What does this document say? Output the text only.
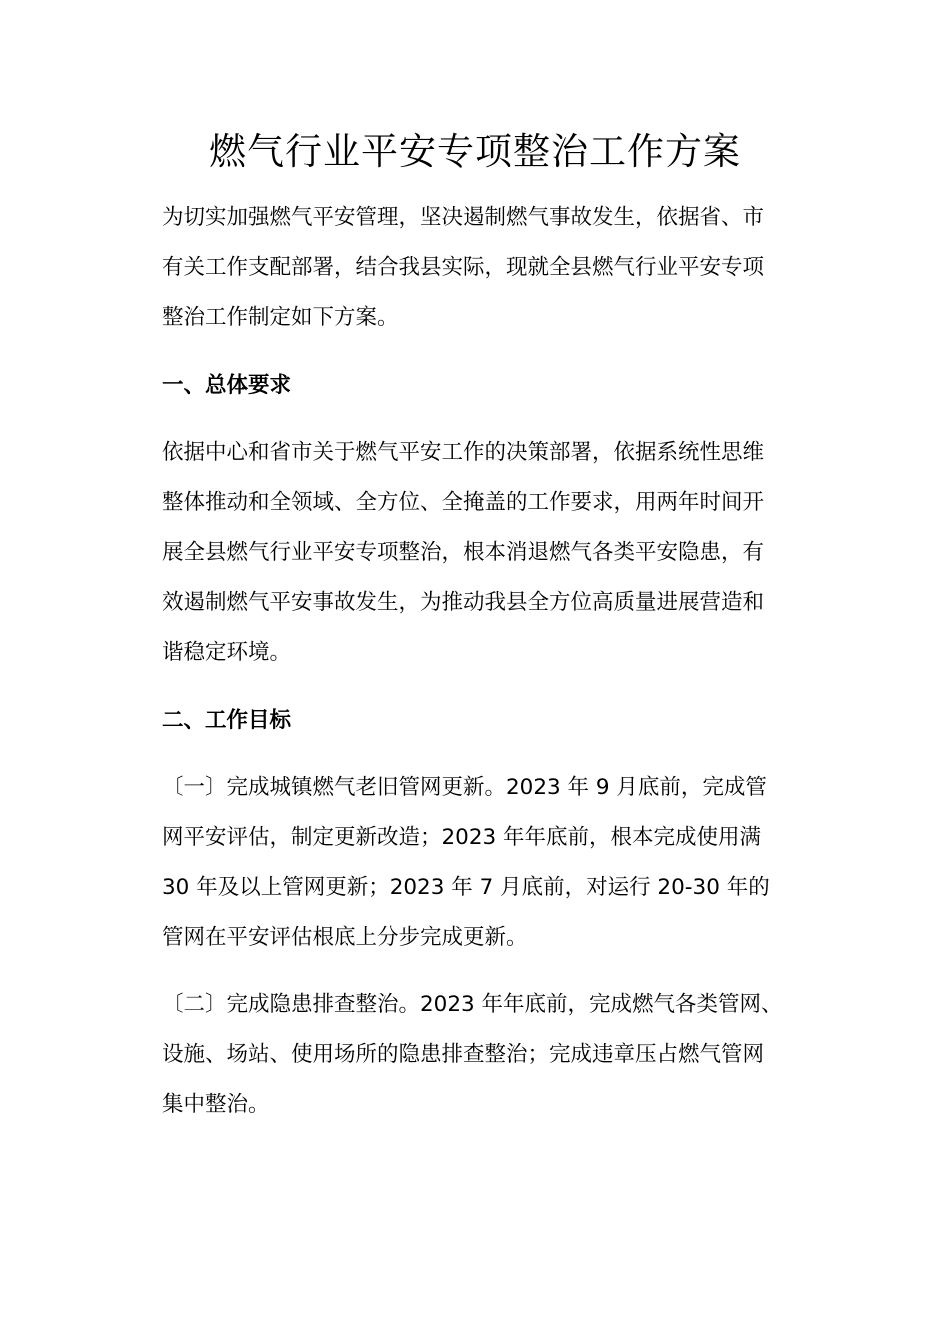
燃气行业平安专项整治工作方案

为切实加强燃气平安管理，坚决遏制燃气事故发生，依据省、市
有关工作支配部署，结合我县实际，现就全县燃气行业平安专项
整治工作制定如下方案。

一、总体要求

依据中心和省市关于燃气平安工作的决策部署，依据系统性思维
整体推动和全领域、全方位、全掩盖的工作要求，用两年时间开
展全县燃气行业平安专项整治，根本消退燃气各类平安隐患，有
效遏制燃气平安事故发生，为推动我县全方位高质量进展营造和
谐稳定环境。

二、工作目标

〔一〕完成城镇燃气老旧管网更新。2023 年 9 月底前，完成管
网平安评估，制定更新改造；2023 年年底前，根本完成使用满
30 年及以上管网更新；2023 年 7 月底前，对运行 20-30 年的
管网在平安评估根底上分步完成更新。

〔二〕完成隐患排查整治。2023 年年底前，完成燃气各类管网、
设施、场站、使用场所的隐患排查整治；完成违章压占燃气管网
集中整治。
